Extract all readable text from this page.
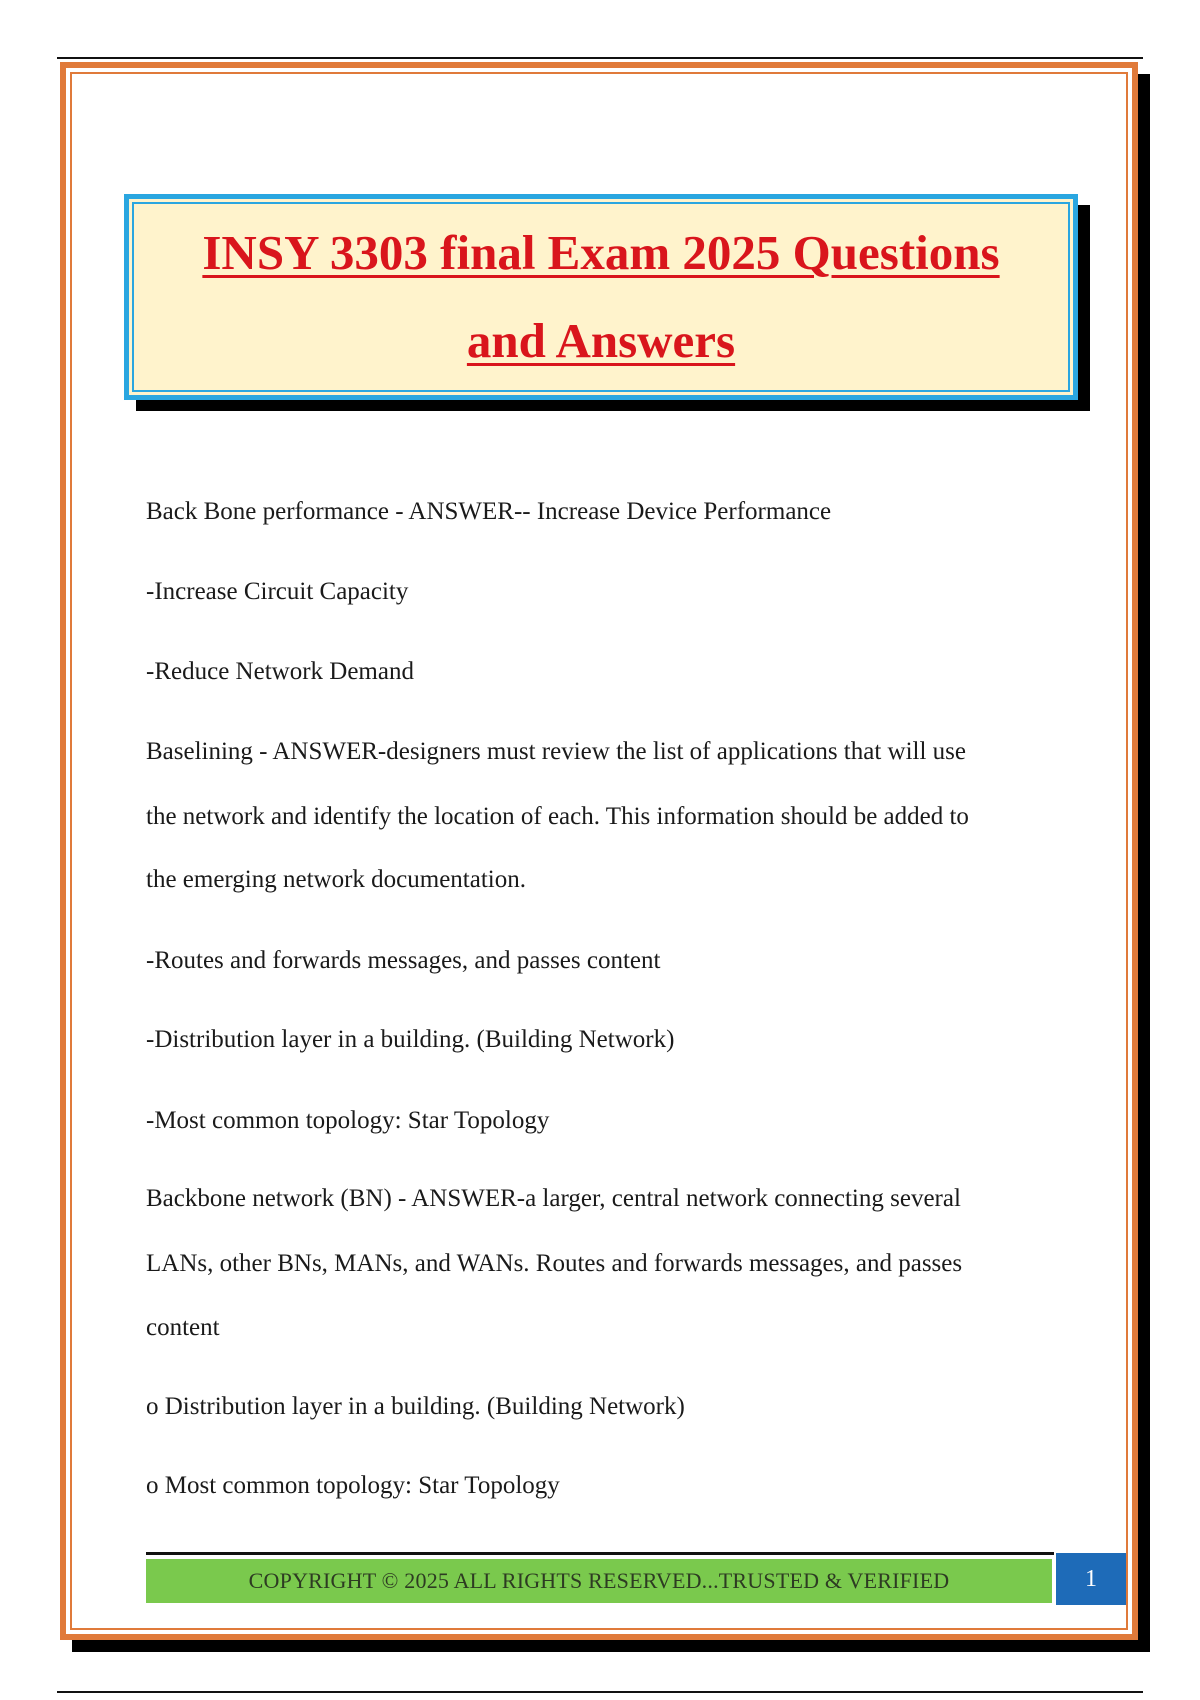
INSY 3303 final Exam 2025 Questions
and Answers
Back Bone performance - ANSWER-- Increase Device Performance
-Increase Circuit Capacity
-Reduce Network Demand
Baselining - ANSWER-designers must review the list of applications that will use
the network and identify the location of each. This information should be added to
the emerging network documentation.
-Routes and forwards messages, and passes content
-Distribution layer in a building. (Building Network)
-Most common topology: Star Topology
Backbone network (BN) - ANSWER-a larger, central network connecting several
LANs, other BNs, MANs, and WANs. Routes and forwards messages, and passes
content
o Distribution layer in a building. (Building Network)
o Most common topology: Star Topology
COPYRIGHT © 2025 ALL RIGHTS RESERVED...TRUSTED & VERIFIED	1
